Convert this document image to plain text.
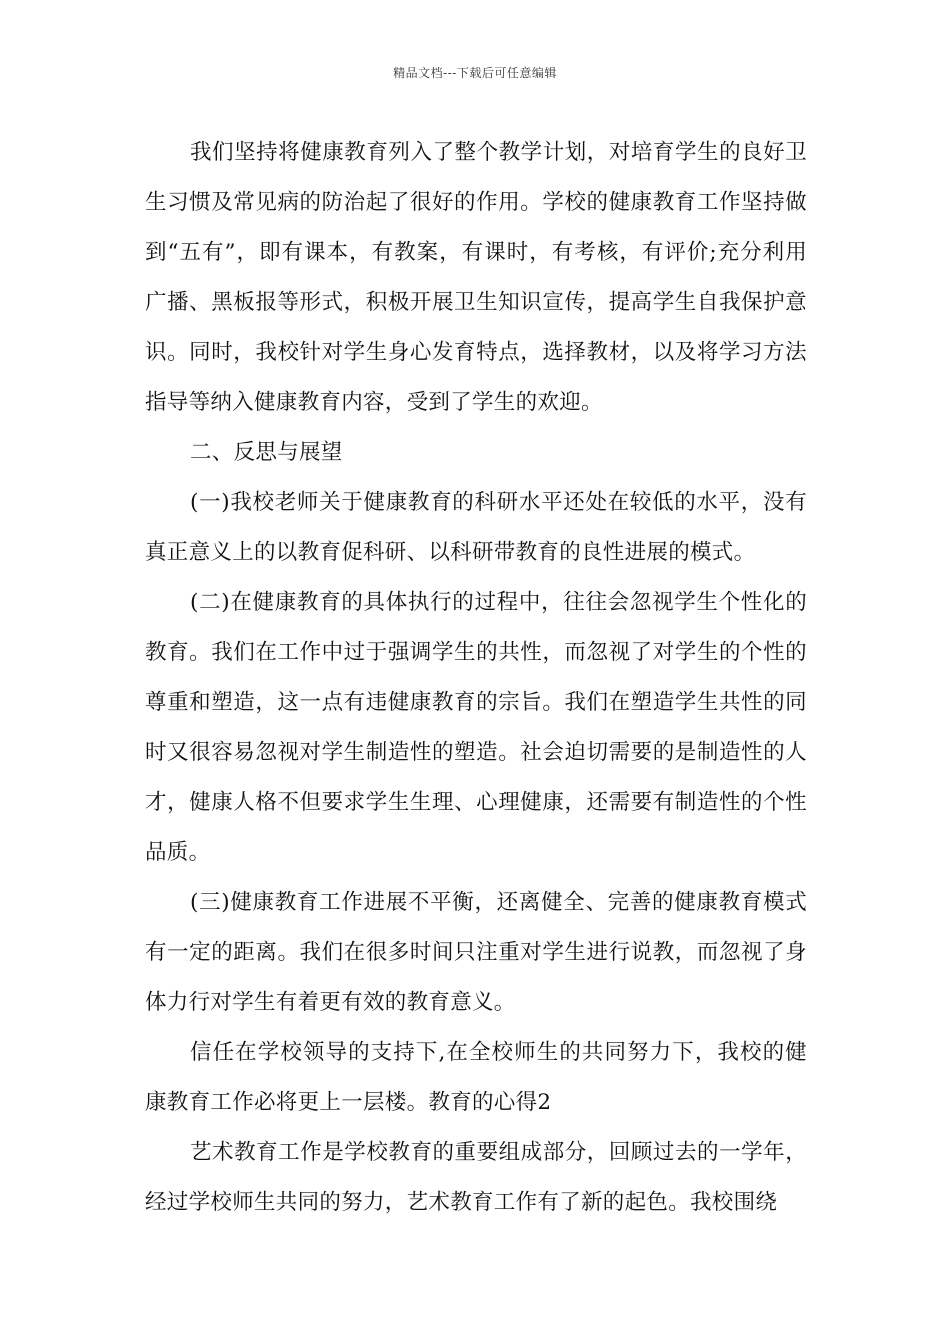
精品文档---下载后可任意编辑

我们坚持将健康教育列入了整个教学计划，对培育学生的良好卫生习惯及常见病的防治起了很好的作用。学校的健康教育工作坚持做到“五有”，即有课本，有教案，有课时，有考核，有评价;充分利用广播、黑板报等形式，积极开展卫生知识宣传，提高学生自我保护意识。同时，我校针对学生身心发育特点，选择教材，以及将学习方法指导等纳入健康教育内容，受到了学生的欢迎。

二、反思与展望

(一)我校老师关于健康教育的科研水平还处在较低的水平，没有真正意义上的以教育促科研、以科研带教育的良性进展的模式。

(二)在健康教育的具体执行的过程中，往往会忽视学生个性化的教育。我们在工作中过于强调学生的共性，而忽视了对学生的个性的尊重和塑造，这一点有违健康教育的宗旨。我们在塑造学生共性的同时又很容易忽视对学生制造性的塑造。社会迫切需要的是制造性的人才，健康人格不但要求学生生理、心理健康，还需要有制造性的个性品质。

(三)健康教育工作进展不平衡，还离健全、完善的健康教育模式有一定的距离。我们在很多时间只注重对学生进行说教，而忽视了身体力行对学生有着更有效的教育意义。

信任在学校领导的支持下,在全校师生的共同努力下，我校的健康教育工作必将更上一层楼。教育的心得2

艺术教育工作是学校教育的重要组成部分，回顾过去的一学年，经过学校师生共同的努力，艺术教育工作有了新的起色。我校围绕
